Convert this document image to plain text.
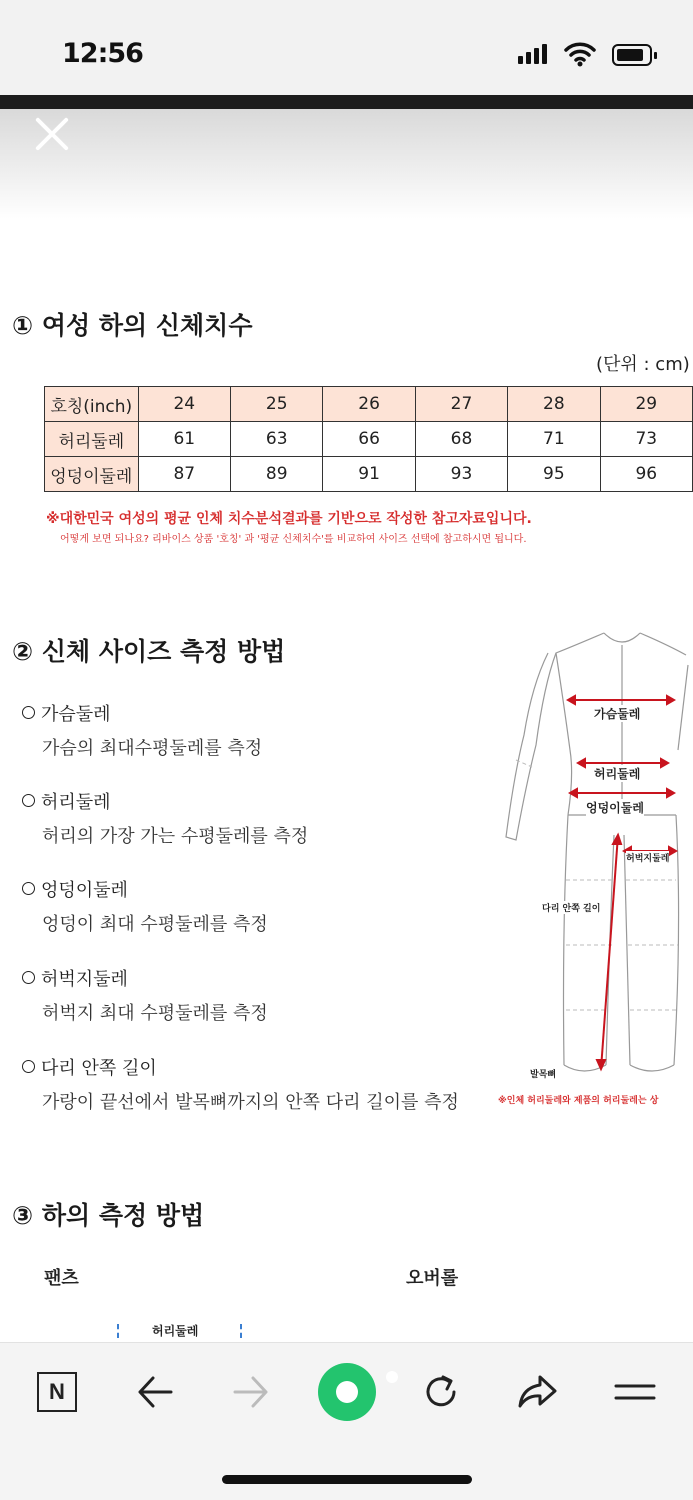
12:56
① 여성 하의 신체치수
(단위 : cm)
호칭(inch)	24	25	26	27	28	29
허리둘레	61	63	66	68	71	73
엉덩이둘레	87	89	91	93	95	96
※대한민국 여성의 평균 인체 치수분석결과를 기반으로 작성한 참고자료입니다.
어떻게 보면 되나요? 리바이스 상품 '호칭' 과 '평균 신체치수'를 비교하여 사이즈 선택에 참고하시면 됩니다.
② 신체 사이즈 측정 방법
가슴둘레
가슴의 최대수평둘레를 측정
허리둘레
허리의 가장 가는 수평둘레를 측정
엉덩이둘레
엉덩이 최대 수평둘레를 측정
허벅지둘레
허벅지 최대 수평둘레를 측정
다리 안쪽 길이
가랑이 끝선에서 발목뼈까지의 안쪽 다리 길이를 측정
가슴둘레
허리둘레
엉덩이둘레
허벅지둘레
다리 안쪽 길이
발목뼈
※인체 허리둘레와 제품의 허리둘레는 상
③ 하의 측정 방법
팬츠	오버롤
허리둘레
N
